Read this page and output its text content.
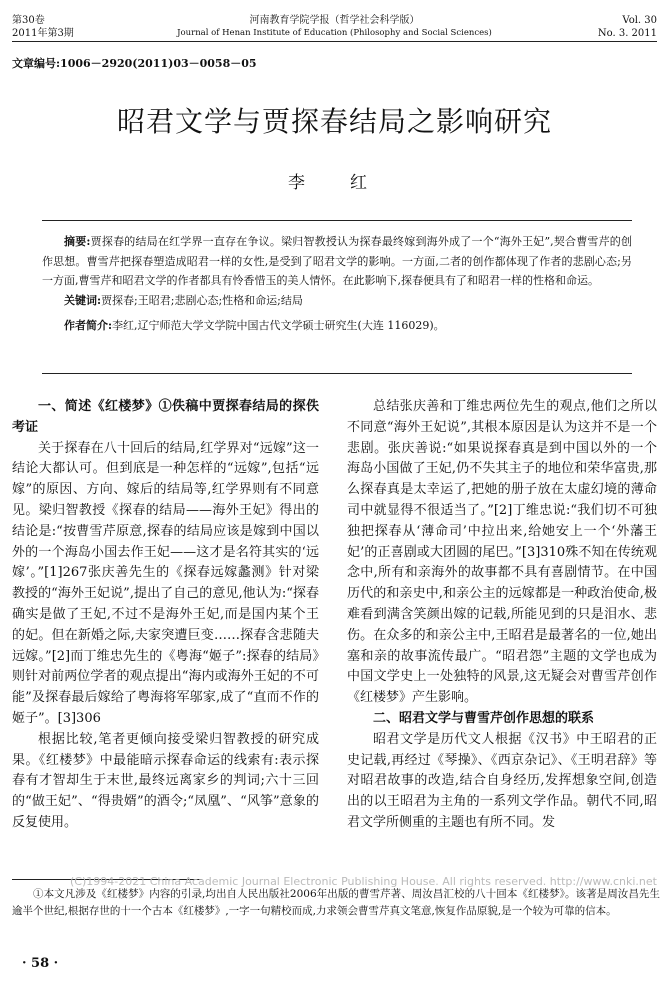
第30卷
2011年第3期
河南教育学院学报（哲学社会科学版）
Journal of Henan Institute of Education (Philosophy and Social Sciences)
Vol. 30
No. 3. 2011
文章编号:1006－2920(2011)03－0058－05
昭君文学与贾探春结局之影响研究
李　红
摘要:贾探春的结局在红学界一直存在争议。梁归智教授认为探春最终嫁到海外成了一个“海外王妃”,契合曹雪芹的创作思想。曹雪芹把探春塑造成昭君一样的女性,是受到了昭君文学的影响。一方面,二者的创作都体现了作者的悲剧心态;另一方面,曹雪芹和昭君文学的作者都具有怜香惜玉的美人情怀。在此影响下,探春便具有了和昭君一样的性格和命运。
关键词:贾探春;王昭君;悲剧心态;性格和命运;结局
作者简介:李红,辽宁师范大学文学院中国古代文学硕士研究生(大连 116029)。

一、简述《红楼梦》①佚稿中贾探春结局的探佚考证

关于探春在八十回后的结局,红学界对“远嫁”这一结论大都认可。但到底是一种怎样的“远嫁”,包括“远嫁”的原因、方向、嫁后的结局等,红学界则有不同意见。梁归智教授《探春的结局——海外王妃》得出的结论是:“按曹雪芹原意,探春的结局应该是嫁到中国以外的一个海岛小国去作王妃——这才是名符其实的‘远嫁’。”[1]267张庆善先生的《探春远嫁蠡测》针对梁教授的“海外王妃说”,提出了自己的意见,他认为:“探春确实是做了王妃,不过不是海外王妃,而是国内某个王的妃。但在新婚之际,夫家突遭巨变……探春含悲随夫远嫁。”[2]而丁维忠先生的《粤海“姬子”:探春的结局》则针对前两位学者的观点提出“海内或海外王妃的不可能”及探春最后嫁给了粤海将军邬家,成了“直而不作的姬子”。[3]306

根据比较,笔者更倾向接受梁归智教授的研究成果。《红楼梦》中最能暗示探春命运的线索有:表示探春有才智却生于末世,最终远离家乡的判词;六十三回的“做王妃”、“得贵婿”的酒令;“凤凰”、“风筝”意象的反复使用。

总结张庆善和丁维忠两位先生的观点,他们之所以不同意“海外王妃说”,其根本原因是认为这并不是一个悲剧。张庆善说:“如果说探春真是到中国以外的一个海岛小国做了王妃,仍不失其主子的地位和荣华富贵,那么探春真是太幸运了,把她的册子放在太虚幻境的薄命司中就显得不很适当了。”[2]丁维忠说:“我们切不可独独把探春从‘薄命司’中拉出来,给她安上一个‘外藩王妃’的正喜剧或大团圆的尾巴。”[3]310殊不知在传统观念中,所有和亲海外的故事都不具有喜剧情节。在中国历代的和亲史中,和亲公主的远嫁都是一种政治使命,极难看到满含笑颜出嫁的记载,所能见到的只是泪水、悲伤。在众多的和亲公主中,王昭君是最著名的一位,她出塞和亲的故事流传最广。“昭君怨”主题的文学也成为中国文学史上一处独特的风景,这无疑会对曹雪芹创作《红楼梦》产生影响。

二、昭君文学与曹雪芹创作思想的联系

昭君文学是历代文人根据《汉书》中王昭君的正史记载,再经过《琴操》、《西京杂记》、《王明君辞》等对昭君故事的改造,结合自身经历,发挥想象空间,创造出的以王昭君为主角的一系列文学作品。朝代不同,昭君文学所侧重的主题也有所不同。发

①本文凡涉及《红楼梦》内容的引录,均出自人民出版社2006年出版的曹雪芹著、周汝昌汇校的八十回本《红楼梦》。该著是周汝昌先生逾半个世纪,根据存世的十一个古本《红楼梦》,一字一句精校而成,力求领会曹雪芹真文笔意,恢复作品原貌,是一个较为可靠的信本。

(C)1994-2021 China Academic Journal Electronic Publishing House. All rights reserved. http://www.cnki.net
· 58 ·
